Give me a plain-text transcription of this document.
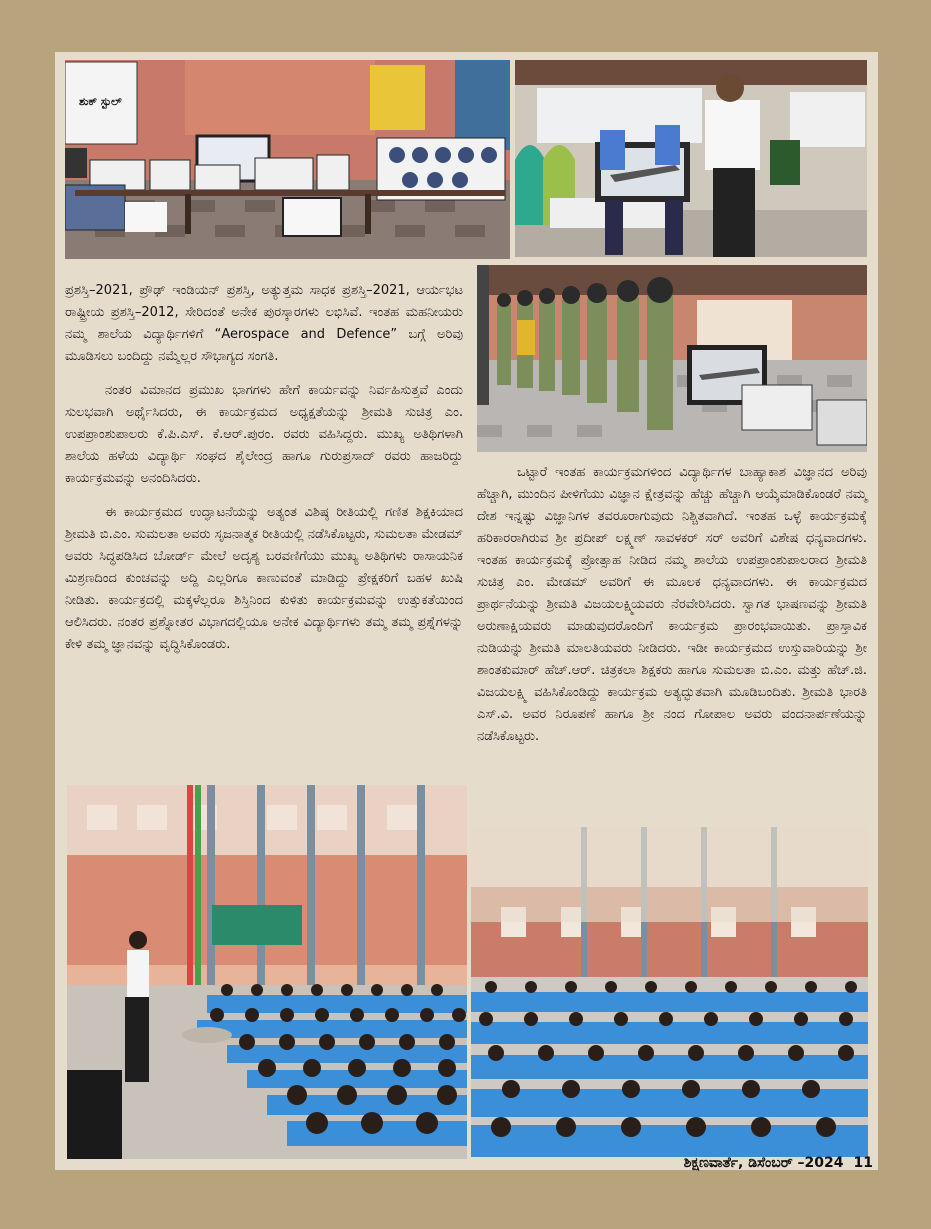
ಶುಕ್ ಸ್ಟುಲ್

ಪ್ರಶಸ್ತಿ–2021, ಪ್ರೌಢ್ ಇಂಡಿಯನ್ ಪ್ರಶಸ್ತಿ, ಅತ್ಯುತ್ತಮ ಸಾಧಕ ಪ್ರಶಸ್ತಿ–2021, ಆರ್ಯಭಟ ರಾಷ್ಟ್ರೀಯ ಪ್ರಶಸ್ತಿ–2012, ಸೇರಿದಂತೆ ಅನೇಕ ಪುರಸ್ಕಾರಗಳು ಲಭಿಸಿವೆ. ಇಂತಹ ಮಹನೀಯರು ನಮ್ಮ ಶಾಲೆಯ ವಿದ್ಯಾರ್ಥಿಗಳಿಗೆ “Aerospace and Defence” ಬಗ್ಗೆ ಅರಿವು ಮೂಡಿಸಲು ಬಂದಿದ್ದು ನಮ್ಮೆಲ್ಲರ ಸೌಭಾಗ್ಯದ ಸಂಗತಿ.

ನಂತರ ವಿಮಾನದ ಪ್ರಮುಖ ಭಾಗಗಳು ಹೇಗೆ ಕಾರ್ಯವನ್ನು ನಿರ್ವಹಿಸುತ್ತವೆ ಎಂದು ಸುಲಭವಾಗಿ ಅರ್ಥೈಸಿದರು, ಈ ಕಾರ್ಯಕ್ರಮದ ಅಧ್ಯಕ್ಷತೆಯನ್ನು ಶ್ರೀಮತಿ ಸುಚಿತ್ರ ಎಂ. ಉಪಪ್ರಾಂಶುಪಾಲರು ಕೆ.ಪಿ.ಎಸ್. ಕೆ.ಆರ್.ಪುರಂ. ರವರು ವಹಿಸಿದ್ದರು. ಮುಖ್ಯ ಅತಿಥಿಗಳಾಗಿ ಶಾಲೆಯ ಹಳೆಯ ವಿದ್ಯಾರ್ಥಿ ಸಂಘದ ಶೈಲೇಂದ್ರ ಹಾಗೂ ಗುರುಪ್ರಸಾದ್ ರವರು ಹಾಜರಿದ್ದು ಕಾರ್ಯಕ್ರಮವನ್ನು ಅನಂದಿಸಿದರು.

ಈ ಕಾರ್ಯಕ್ರಮದ ಉದ್ಘಾಟನೆಯನ್ನು ಅತ್ಯಂತ ವಿಶಿಷ್ಠ ರೀತಿಯಲ್ಲಿ ಗಣಿತ ಶಿಕ್ಷಕಿಯಾದ ಶ್ರೀಮತಿ ಬಿ.ಎಂ. ಸುಮಲತಾ ಅವರು ಸೃಜನಾತ್ಮಕ ರೀತಿಯಲ್ಲಿ ನಡೆಸಿಕೊಟ್ಟರು, ಸುಮಲತಾ ಮೇಡಮ್ ಅವರು ಸಿದ್ಧಪಡಿಸಿದ ಬೋರ್ಡ್ ಮೇಲೆ ಅದೃಶ್ಯ ಬರವಣಿಗೆಯು ಮುಖ್ಯ ಅತಿಥಿಗಳು ರಾಸಾಯನಿಕ ಮಿಶ್ರಣದಿಂದ ಕುಂಚವನ್ನು ಅದ್ದಿ ಎಲ್ಲರಿಗೂ ಕಾಣುವಂತೆ ಮಾಡಿದ್ದು ಪ್ರೇಕ್ಷಕರಿಗೆ ಬಹಳ ಖುಷಿ ನೀಡಿತು. ಕಾರ್ಯಕ್ರದಲ್ಲಿ ಮಕ್ಕಳೆಲ್ಲರೂ ಶಿಸ್ತಿನಿಂದ ಕುಳಿತು ಕಾರ್ಯಕ್ರಮವನ್ನು ಉತ್ಸುಕತೆಯಿಂದ ಆಲಿಸಿದರು. ನಂತರ ಪ್ರಶ್ನೋತರ ವಿಭಾಗದಲ್ಲಿಯೂ ಅನೇಕ ವಿದ್ಯಾರ್ಥಿಗಳು ತಮ್ಮ ತಮ್ಮ ಪ್ರಶ್ನೆಗಳನ್ನು ಕೇಳಿ ತಮ್ಮ ಜ್ಞಾನವನ್ನು ವೃದ್ಧಿಸಿಕೊಂಡರು.

ಒಟ್ಟಾರೆ ಇಂತಹ ಕಾರ್ಯಕ್ರಮಗಳಿಂದ ವಿದ್ಯಾರ್ಥಿಗಳ ಬಾಹ್ಯಾಕಾಶ ವಿಜ್ಞಾನದ ಅರಿವು ಹೆಚ್ಚಾಗಿ, ಮುಂದಿನ ಪೀಳಿಗೆಯು ವಿಜ್ಞಾನ ಕ್ಷೇತ್ರವನ್ನು ಹೆಚ್ಚು ಹೆಚ್ಚಾಗಿ ಆಯ್ಕೆಮಾಡಿಕೊಂಡರೆ ನಮ್ಮ ದೇಶ ಇನ್ನಷ್ಟು ವಿಜ್ಞಾನಿಗಳ ತವರೂರಾಗುವುದು ನಿಶ್ಚಿತವಾಗಿದೆ. ಇಂತಹ ಒಳ್ಳೆ ಕಾರ್ಯಕ್ರಮಕ್ಕೆ ಹರಿಕಾರರಾಗಿರುವ ಶ್ರೀ ಪ್ರದೀಪ್ ಲಕ್ಷ್ಮಣ್ ಸಾವಳಕರ್ ಸರ್ ಅವರಿಗೆ ವಿಶೇಷ ಧನ್ಯವಾದಗಳು. ಇಂತಹ ಕಾರ್ಯಕ್ರಮಕ್ಕೆ ಪ್ರೋತ್ಸಾಹ ನೀಡಿದ ನಮ್ಮ ಶಾಲೆಯ ಉಪಪ್ರಾಂಶುಪಾಲರಾದ ಶ್ರೀಮತಿ ಸುಚಿತ್ರ ಎಂ. ಮೇಡಮ್ ಅವರಿಗೆ ಈ ಮೂಲಕ ಧನ್ಯವಾದಗಳು. ಈ ಕಾರ್ಯಕ್ರಮದ ಪ್ರಾರ್ಥನೆಯನ್ನು ಶ್ರೀಮತಿ ವಿಜಯಲಕ್ಷ್ಮಿಯವರು ನೆರವೇರಿಸಿದರು. ಸ್ವಾಗತ ಭಾಷಣವನ್ನು ಶ್ರೀಮತಿ ಅರುಣಾಕ್ಷಿಯವರು ಮಾಡುವುದರೊಂದಿಗೆ ಕಾರ್ಯಕ್ರಮ ಪ್ರಾರಂಭವಾಯಿತು. ಪ್ರಾಸ್ತಾವಿಕ ನುಡಿಯನ್ನು ಶ್ರೀಮತಿ ಮಾಲತಿಯವರು ನೀಡಿದರು. ಇಡೀ ಕಾರ್ಯಕ್ರಮದ ಉಸ್ತುವಾರಿಯನ್ನು ಶ್ರೀ ಶಾಂತಕುಮಾರ್ ಹೆಚ್.ಆರ್. ಚಿತ್ರಕಲಾ ಶಿಕ್ಷಕರು ಹಾಗೂ ಸುಮಲತಾ ಬಿ.ಎಂ. ಮತ್ತು ಹೆಚ್.ಜಿ. ವಿಜಯಲಕ್ಷ್ಮಿ ವಹಿಸಿಕೊಂಡಿದ್ದು ಕಾರ್ಯಕ್ರಮ ಅತ್ಯದ್ಭುತವಾಗಿ ಮೂಡಿಬಂದಿತು. ಶ್ರೀಮತಿ ಭಾರತಿ ಎಸ್.ವಿ. ಅವರ ನಿರೂಪಣೆ ಹಾಗೂ ಶ್ರೀ ನಂದ ಗೋಪಾಲ ಅವರು ವಂದನಾರ್ಪಣೆಯನ್ನು ನಡೆಸಿಕೊಟ್ಟರು.

ಶಿಕ್ಷಣವಾರ್ತೆ, ಡಿಸೆಂಬರ್ –2024 11
